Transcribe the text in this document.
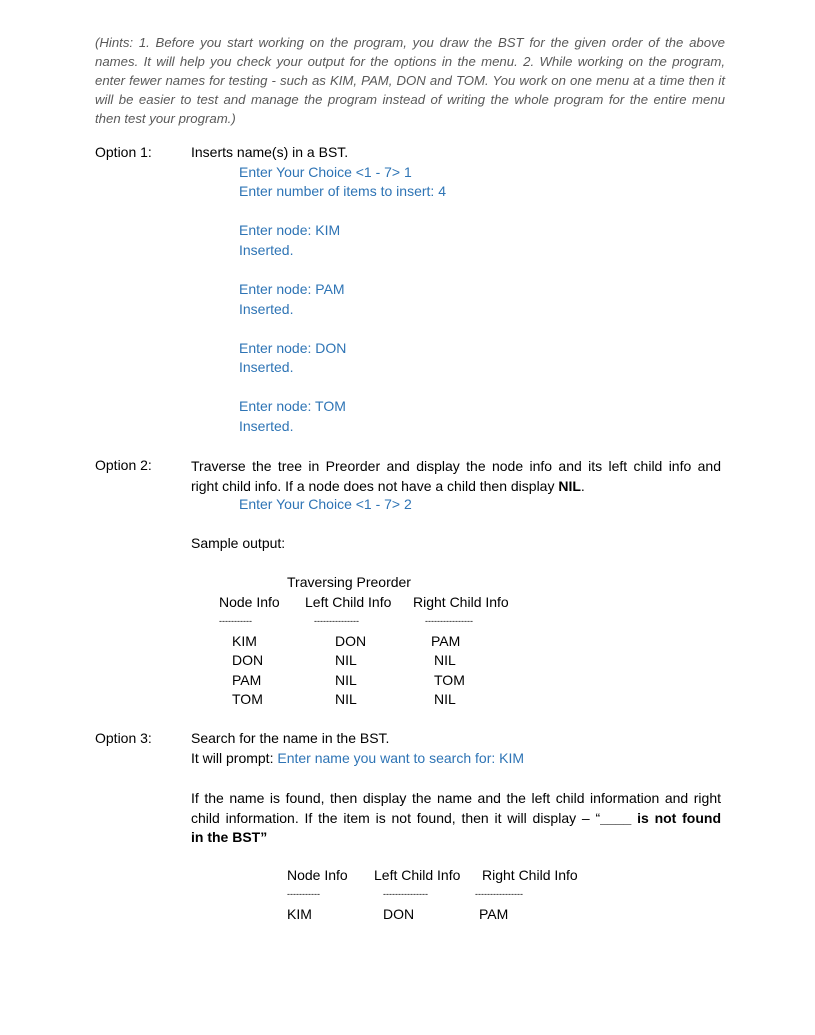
(Hints: 1. Before you start working on the program, you draw the BST for the given order of the above
names. It will help you check your output for the options in the menu. 2. While working on the program,
enter fewer names for testing - such as KIM, PAM, DON and TOM. You work on one menu at a time then it
will be easier to test and manage the program instead of writing the whole program for the entire menu
then test your program.)
Option 1:	Inserts name(s) in a BST.
Enter Your Choice <1 - 7> 1
Enter number of items to insert: 4
Enter node: KIM
Inserted.
Enter node: PAM
Inserted.
Enter node: DON
Inserted.
Enter node: TOM
Inserted.
Option 2:	Traverse the tree in Preorder and display the node info and its left child info and
right child info. If a node does not have a child then display NIL.
Enter Your Choice <1 - 7> 2
Sample output:
Traversing Preorder
Node Info Left Child Info Right Child Info
-----------	---------------	----------------
KIM	DON	PAM
DON	NIL	NIL
PAM	NIL	TOM
TOM	NIL	NIL
Option 3:	Search for the name in the BST.
It will prompt: Enter name you want to search for: KIM
If the name is found, then display the name and the left child information and right
child information. If the item is not found, then it will display – “____ is not found
in the BST”
Node Info Left Child Info Right Child Info
-----------	---------------	----------------
KIM	DON	PAM
